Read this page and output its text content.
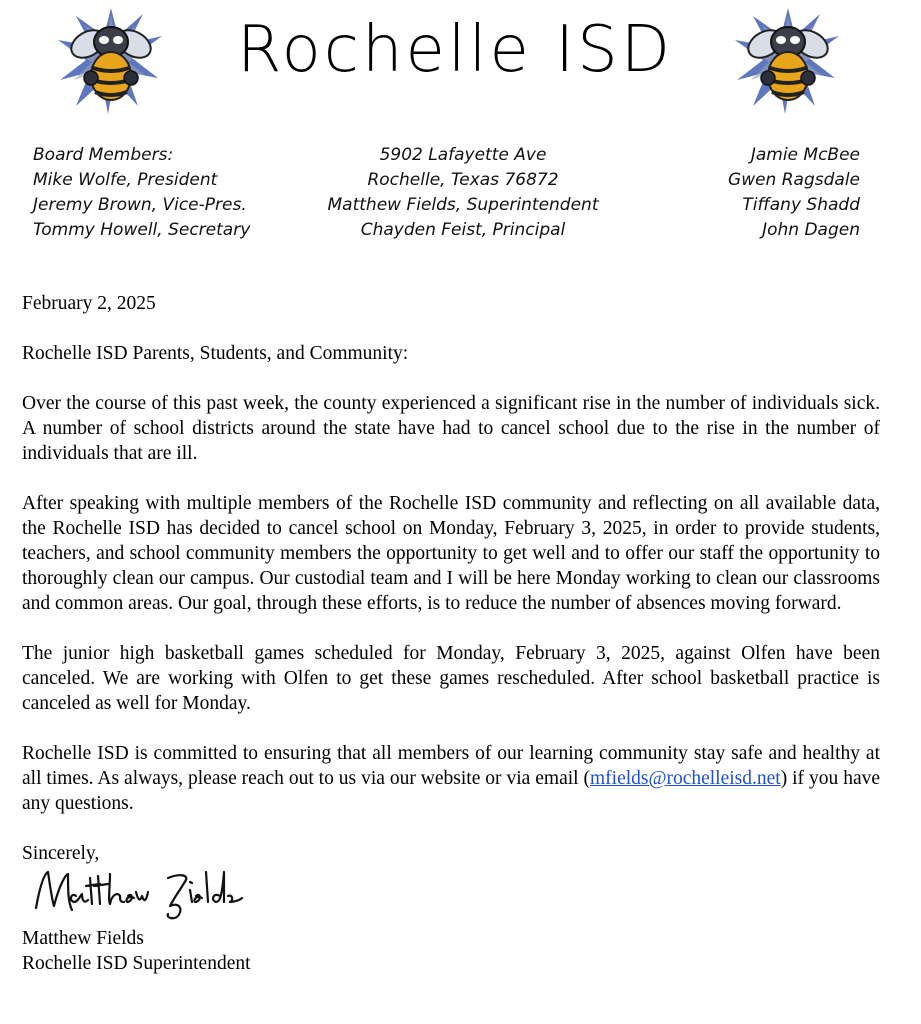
Rochelle ISD
Board Members:
Mike Wolfe, President
Jeremy Brown, Vice-Pres.
Tommy Howell, Secretary
5902 Lafayette Ave
Rochelle, Texas 76872
Matthew Fields, Superintendent
Chayden Feist, Principal
Jamie McBee
Gwen Ragsdale
Tiffany Shadd
John Dagen

February 2, 2025

Rochelle ISD Parents, Students, and Community:

Over the course of this past week, the county experienced a significant rise in the number of individuals sick. A number of school districts around the state have had to cancel school due to the rise in the number of individuals that are ill.

After speaking with multiple members of the Rochelle ISD community and reflecting on all available data, the Rochelle ISD has decided to cancel school on Monday, February 3, 2025, in order to provide students, teachers, and school community members the opportunity to get well and to offer our staff the opportunity to thoroughly clean our campus. Our custodial team and I will be here Monday working to clean our classrooms and common areas. Our goal, through these efforts, is to reduce the number of absences moving forward.

The junior high basketball games scheduled for Monday, February 3, 2025, against Olfen have been canceled. We are working with Olfen to get these games rescheduled. After school basketball practice is canceled as well for Monday.

Rochelle ISD is committed to ensuring that all members of our learning community stay safe and healthy at all times. As always, please reach out to us via our website or via email (mfields@rochelleisd.net) if you have any questions.

Sincerely,

Matthew Fields
Rochelle ISD Superintendent
